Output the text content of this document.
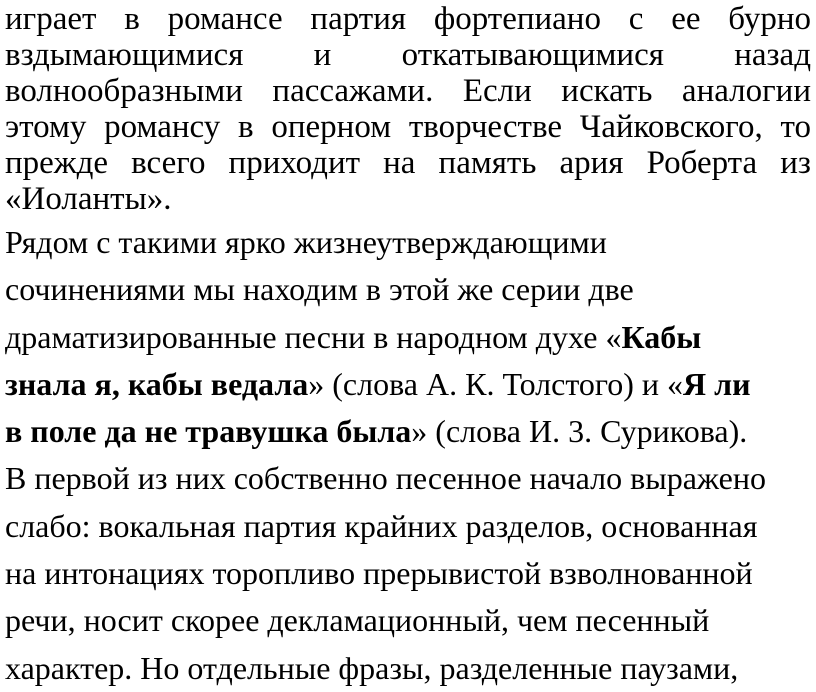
играет в романсе партия фортепиано с ее бурно
вздымающимися и откатывающимися назад
волнообразными пассажами. Если искать аналогии
этому романсу в оперном творчестве Чайковского, то
прежде всего приходит на память ария Роберта из
«Иоланты».
Рядом с такими ярко жизнеутверждающими
сочинениями мы находим в этой же серии две
драматизированные песни в народном духе «Кабы
знала я, кабы ведала» (слова А. К. Толстого) и «Я ли
в поле да не травушка была» (слова И. 3. Сурикова).
В первой из них собственно песенное начало выражено
слабо: вокальная партия крайних разделов, основанная
на интонациях торопливо прерывистой взволнованной
речи, носит скорее декламационный, чем песенный
характер. Но отдельные фразы, разделенные паузами,
